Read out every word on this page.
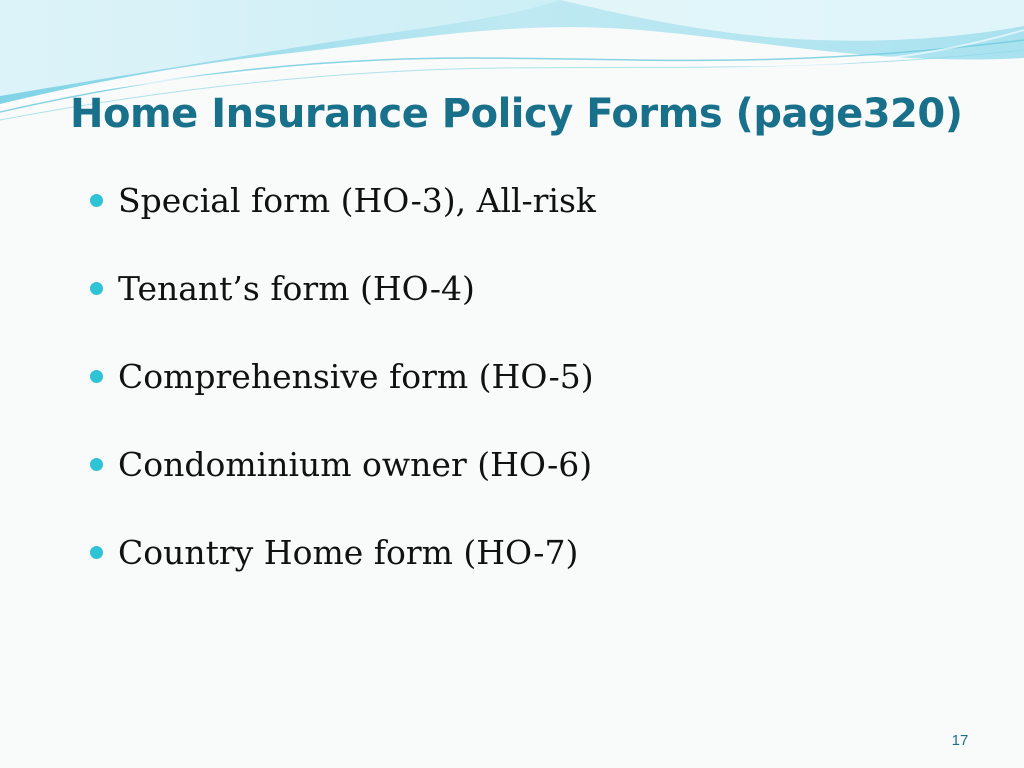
Home Insurance Policy Forms (page320)
Special form (HO-3), All-risk
Tenant’s form (HO-4)
Comprehensive form (HO-5)
Condominium owner (HO-6)
Country Home form (HO-7)
17
